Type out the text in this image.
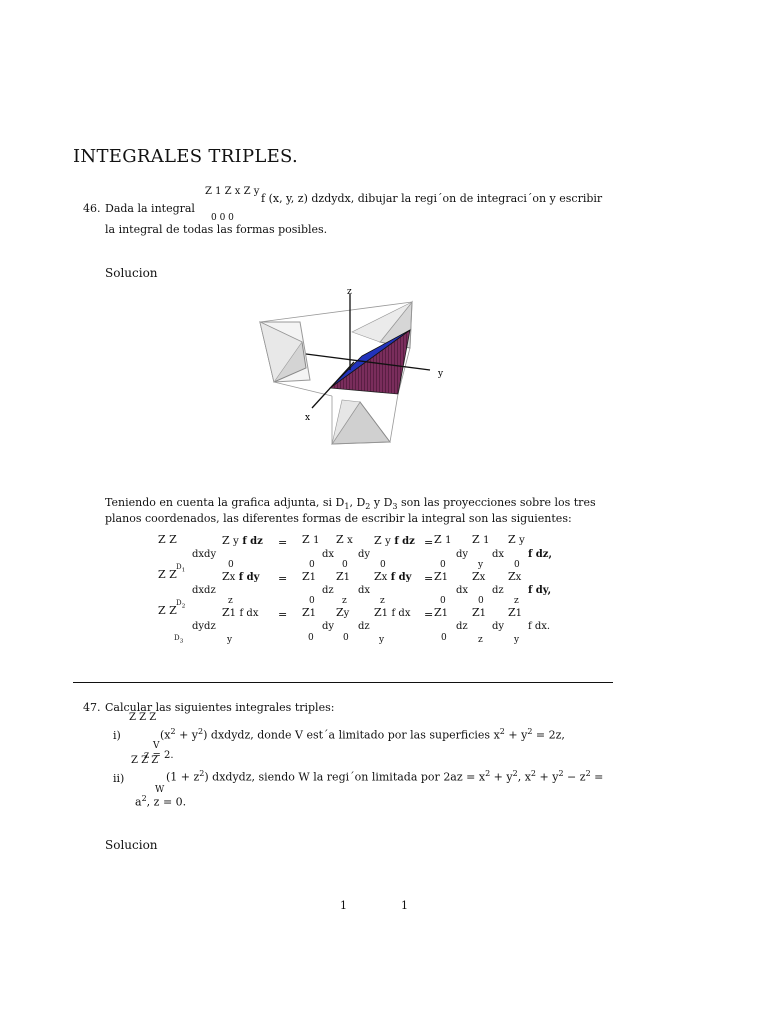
INTEGRALES TRIPLES.
Z 1 Z x Z y
46. Dada la integral
f (x, y, z) dzdydx, dibujar la regi´on de integraci´on y escribir
0 0 0
la integral de todas las formas posibles.
Solucion
z
y
x
Teniendo en cuenta la grafica adjunta, si $D_1$, $D_2$ y $D_3$ son las proyecciones sobre los tres
planos coordenados, las diferentes formas de escribir la integral son las siguientes:
Z Z
dxdy
Z y f dz = Z 1
dx
Z x
dy
Z y f dz = Z 1
dy
Z 1
dx
Z y
f dz,
Z Z
$D_1$
dxdz
0
Zx f dy =
0
Z1
dz
0
Z1
dx
0
Zx f dy =
0
Z1
dx
y
Zx
dz
0
Zx
f dy,
Z Z
$D_2$
dydz
z
Z1 f dx =
0
Z1
dy
z
Zy
dz
z
Z1 f dx =
0
Z1
dz
0
Z1
dy
z
Z1
f dx.
$D_3$	y	0	0	y	0	z	y
47. Calcular las siguientes integrales triples:
Z Z Z
i)	$(x^2 + y^2)$ dxdydz, donde V est´a limitado por las superficies $x^2 + y^2 = 2z$,
V
z = 2.
Z Z Z
ii)	$(1 + z^2)$ dxdydz, siendo W la regi´on limitada por $2az = x^2 + y^2$, $x^2 + y^2 - z^2$ =
W
$a^2$, z = 0.
Solucion
1	1
